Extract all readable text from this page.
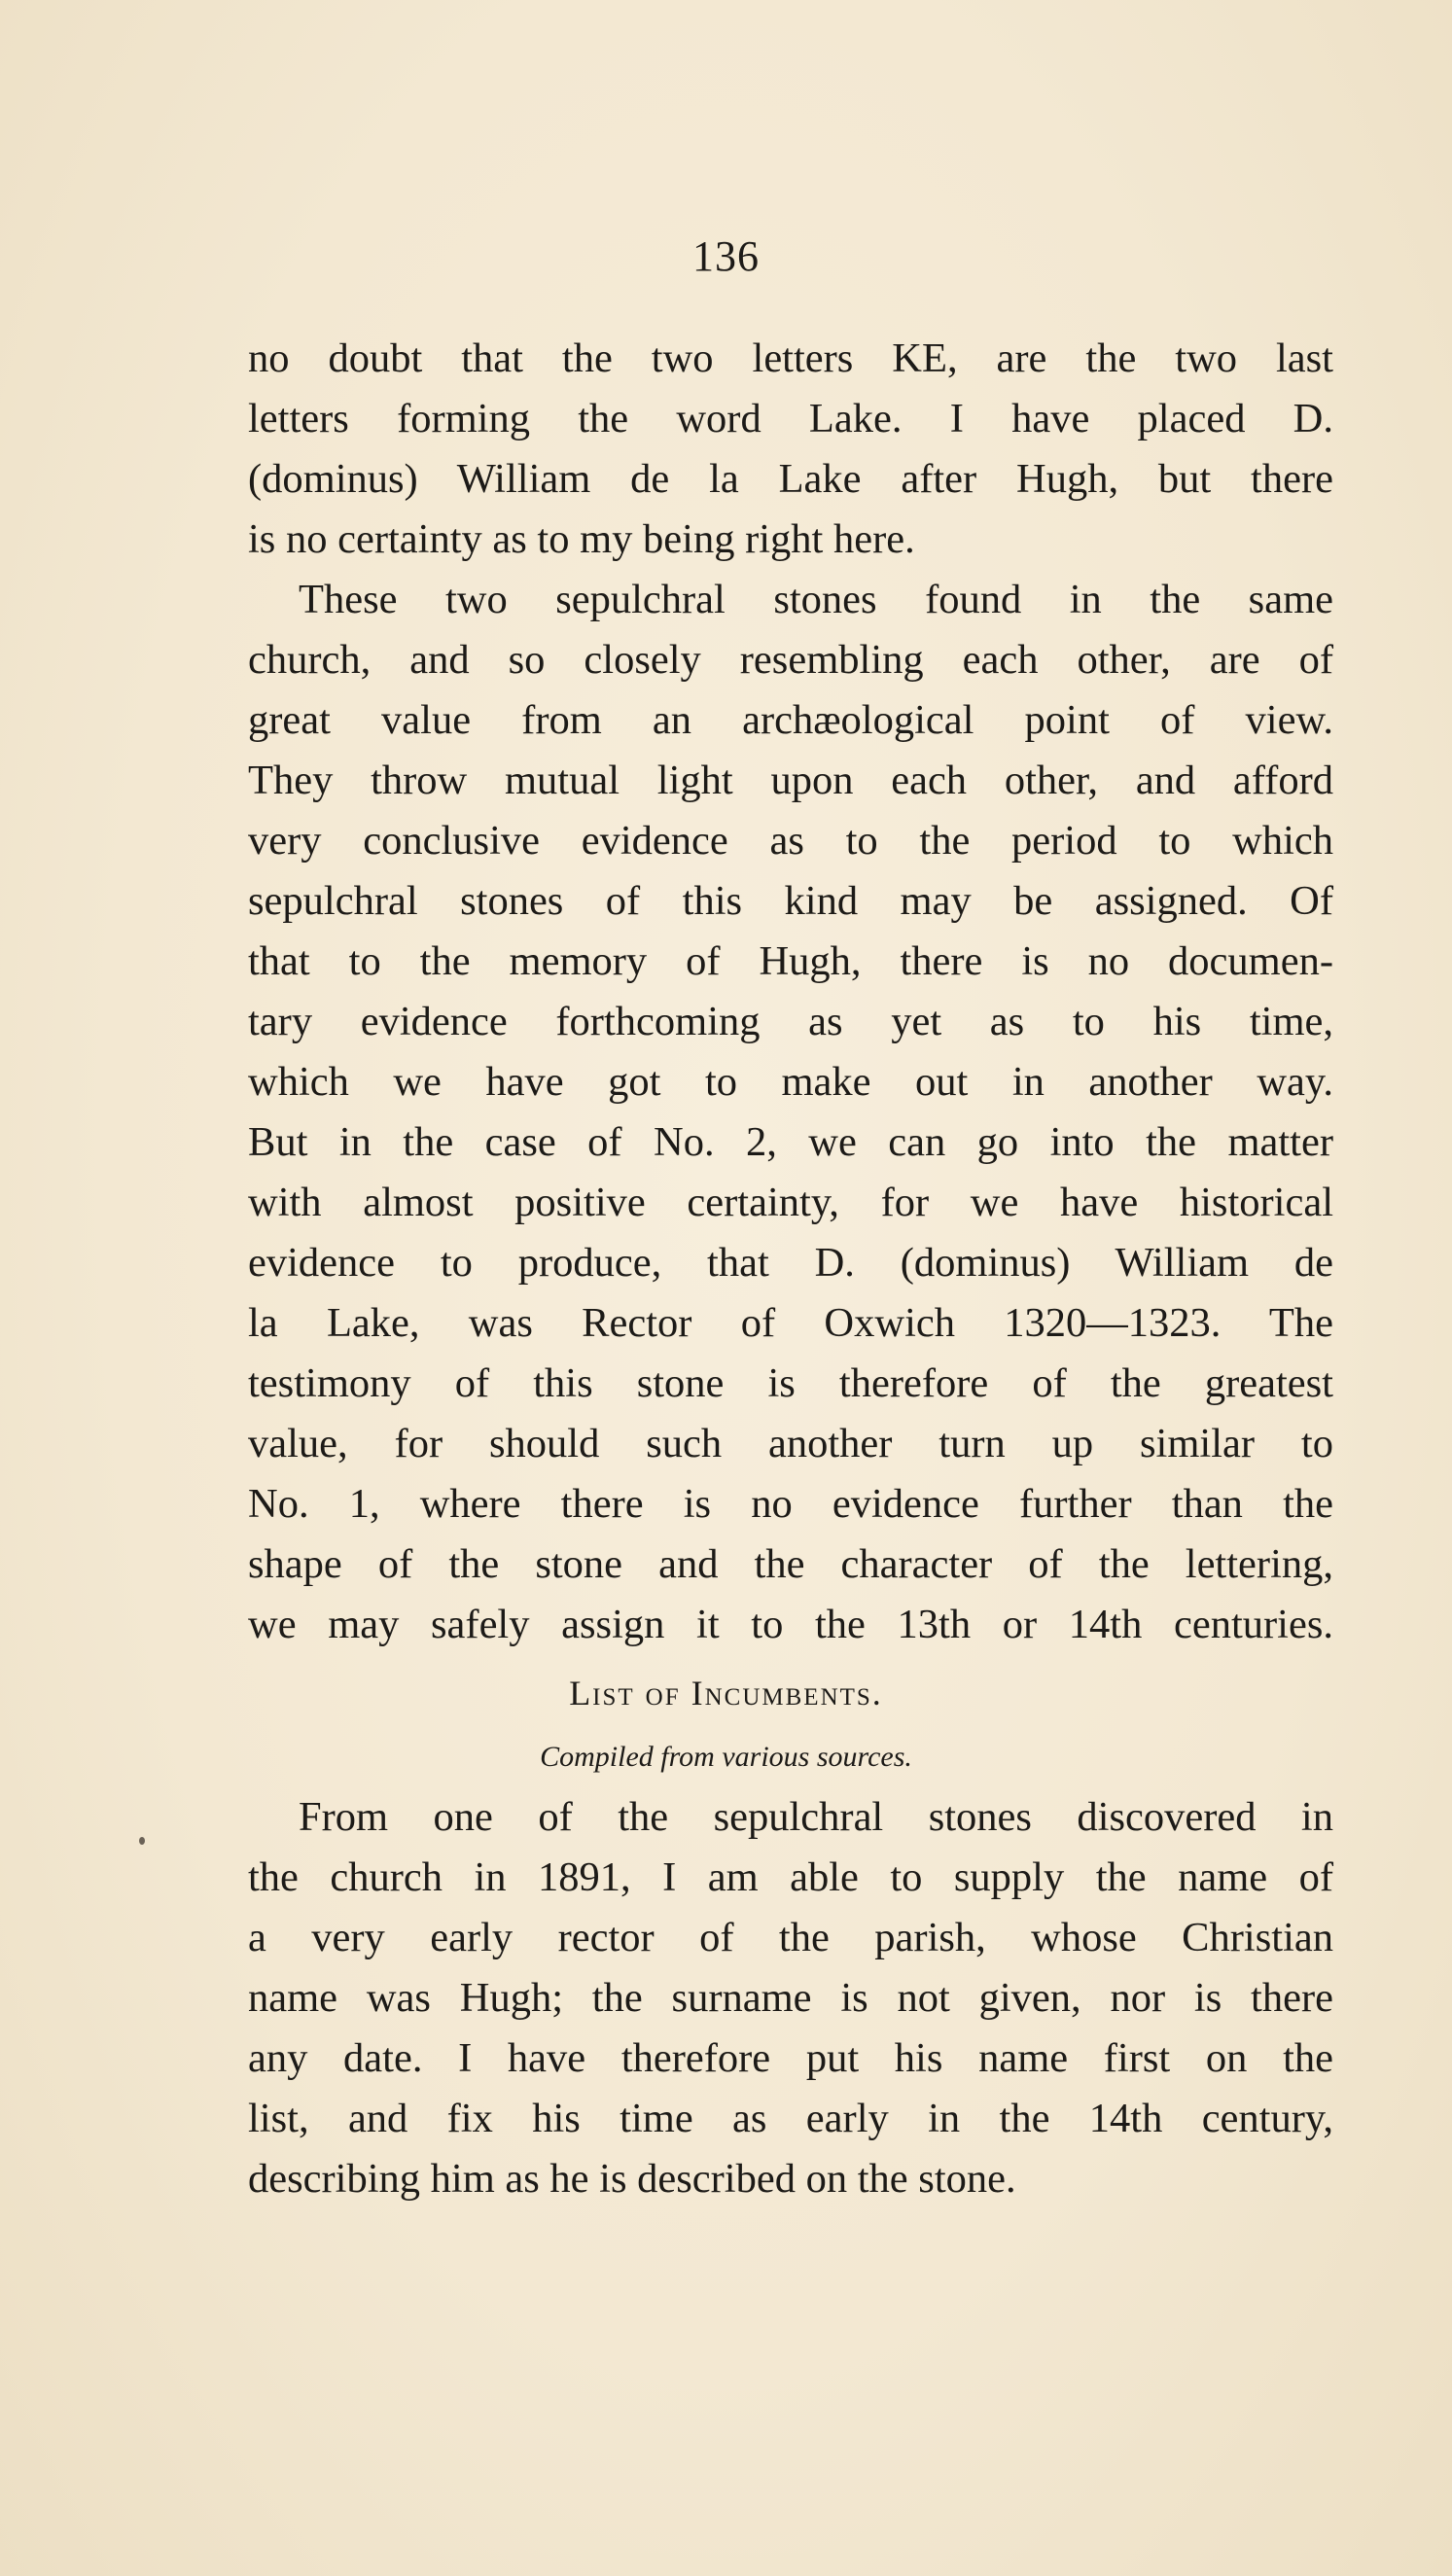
136
no doubt that the two letters KE, are the two last
letters forming the word Lake. I have placed D.
(dominus) William de la Lake after Hugh, but there
is no certainty as to my being right here.
These two sepulchral stones found in the same
church, and so closely resembling each other, are of
great value from an archæological point of view.
They throw mutual light upon each other, and afford
very conclusive evidence as to the period to which
sepulchral stones of this kind may be assigned. Of
that to the memory of Hugh, there is no documen-
tary evidence forthcoming as yet as to his time,
which we have got to make out in another way.
But in the case of No. 2, we can go into the matter
with almost positive certainty, for we have historical
evidence to produce, that D. (dominus) William de
la Lake, was Rector of Oxwich 1320—1323. The
testimony of this stone is therefore of the greatest
value, for should such another turn up similar to
No. 1, where there is no evidence further than the
shape of the stone and the character of the lettering,
we may safely assign it to the 13th or 14th centuries.
List of Incumbents.
Compiled from various sources.
From one of the sepulchral stones discovered in
the church in 1891, I am able to supply the name of
a very early rector of the parish, whose Christian
name was Hugh; the surname is not given, nor is there
any date. I have therefore put his name first on the
list, and fix his time as early in the 14th century,
describing him as he is described on the stone.
